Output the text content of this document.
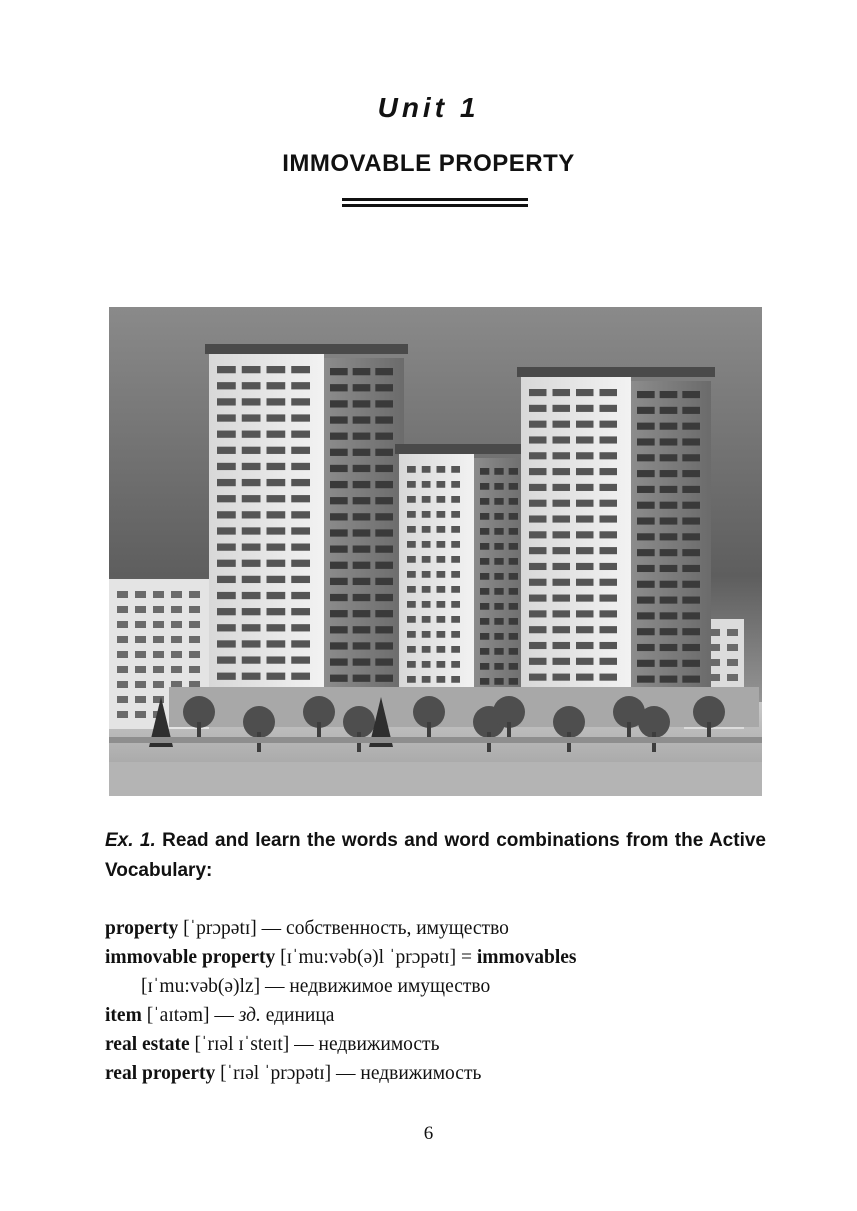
Unit 1
IMMOVABLE PROPERTY
Ex. 1. Read and learn the words and word combinations from the Active Vocabulary:
property [ˈprɔpətɪ] — собственность, имущество
immovable property [ɪˈmu:vəb(ə)l ˈprɔpətɪ] = immovables
[ɪˈmu:vəb(ə)lz] — недвижимое имущество
item [ˈaɪtəm] — зд. единица
real estate [ˈrɪəl ɪˈsteɪt] — недвижимость
real property [ˈrɪəl ˈprɔpətɪ] — недвижимость
6
